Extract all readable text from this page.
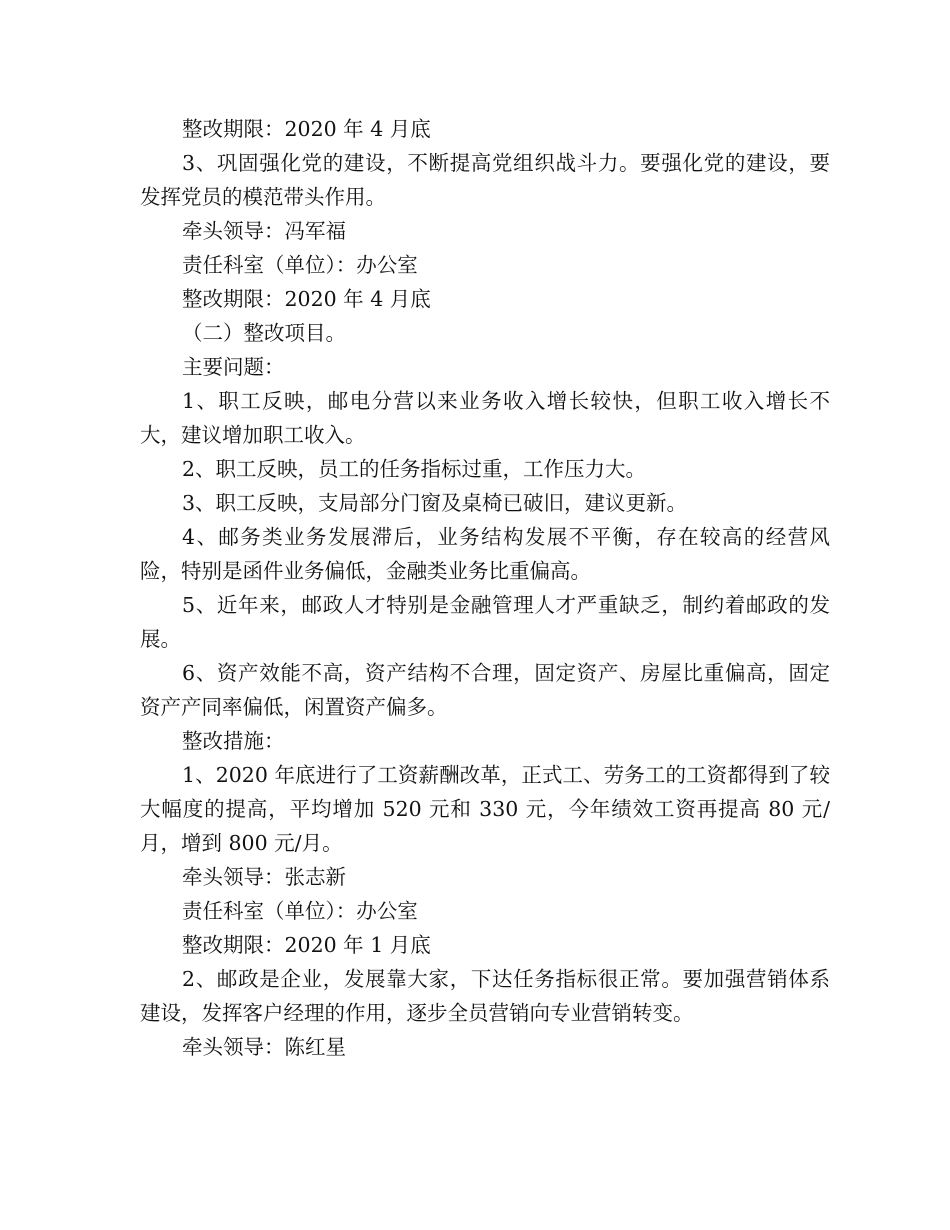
整改期限：2020 年 4 月底

3、巩固强化党的建设，不断提高党组织战斗力。要强化党的建设，要发挥党员的模范带头作用。

牵头领导：冯军福

责任科室（单位）：办公室

整改期限：2020 年 4 月底

（二）整改项目。

主要问题：

1、职工反映，邮电分营以来业务收入增长较快，但职工收入增长不大，建议增加职工收入。

2、职工反映，员工的任务指标过重，工作压力大。

3、职工反映，支局部分门窗及桌椅已破旧，建议更新。

4、邮务类业务发展滞后，业务结构发展不平衡，存在较高的经营风险，特别是函件业务偏低，金融类业务比重偏高。

5、近年来，邮政人才特别是金融管理人才严重缺乏，制约着邮政的发展。

6、资产效能不高，资产结构不合理，固定资产、房屋比重偏高，固定资产产同率偏低，闲置资产偏多。

整改措施：

1、2020 年底进行了工资薪酬改革，正式工、劳务工的工资都得到了较大幅度的提高，平均增加 520 元和 330 元，今年绩效工资再提高 80 元/月，增到 800 元/月。

牵头领导：张志新

责任科室（单位）：办公室

整改期限：2020 年 1 月底

2、邮政是企业，发展靠大家，下达任务指标很正常。要加强营销体系建设，发挥客户经理的作用，逐步全员营销向专业营销转变。

牵头领导：陈红星
